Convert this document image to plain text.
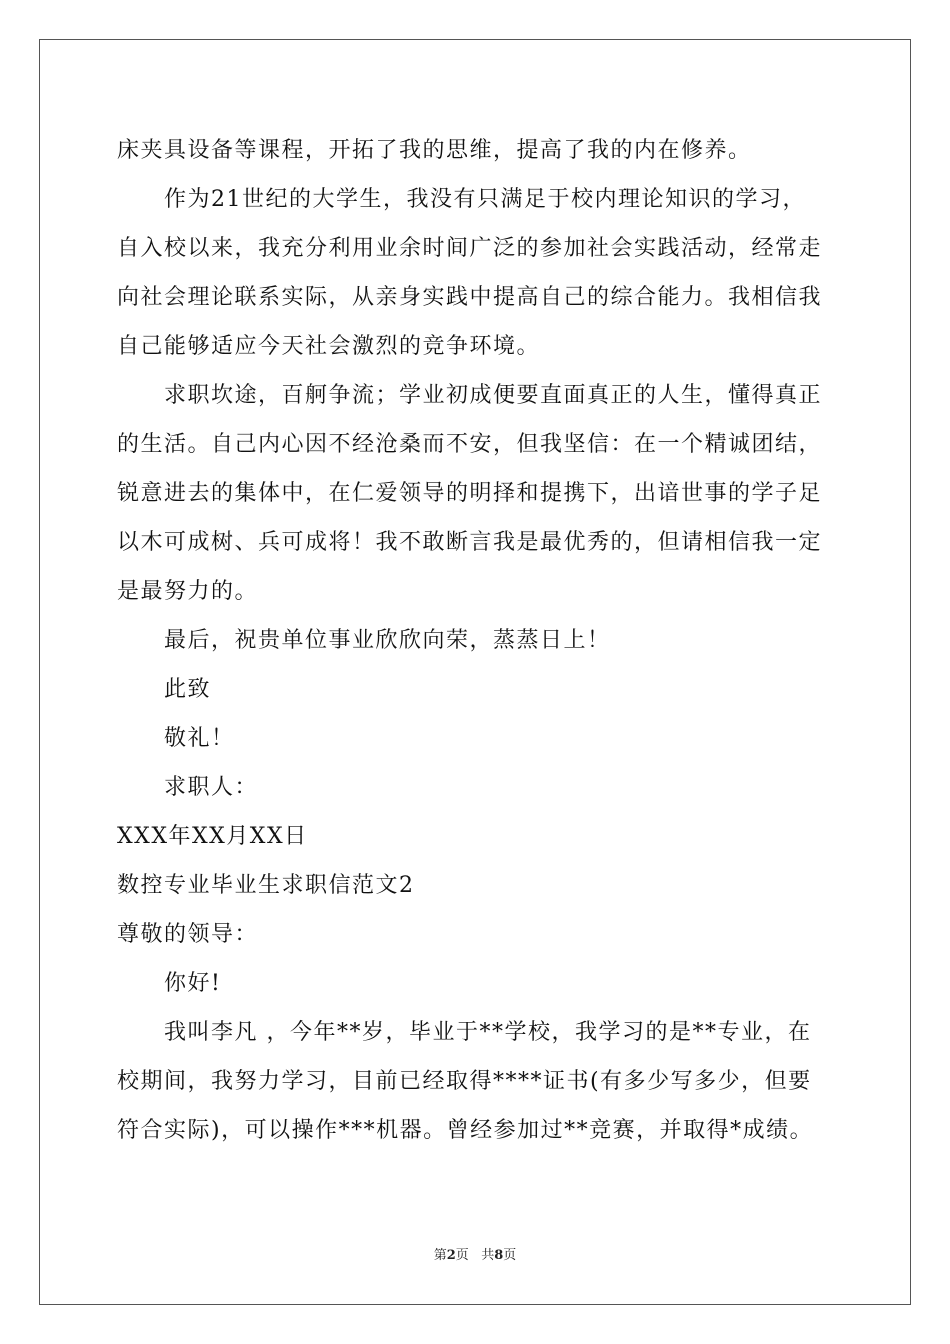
床夹具设备等课程，开拓了我的思维，提高了我的内在修养。
作为21世纪的大学生，我没有只满足于校内理论知识的学习，
自入校以来，我充分利用业余时间广泛的参加社会实践活动，经常走
向社会理论联系实际，从亲身实践中提高自己的综合能力。我相信我
自己能够适应今天社会激烈的竞争环境。
求职坎途，百舸争流；学业初成便要直面真正的人生，懂得真正
的生活。自己内心因不经沧桑而不安，但我坚信：在一个精诚团结，
锐意进去的集体中，在仁爱领导的明择和提携下，出谙世事的学子足
以木可成树、兵可成将！我不敢断言我是最优秀的，但请相信我一定
是最努力的。
最后，祝贵单位事业欣欣向荣，蒸蒸日上！
此致
敬礼！
求职人：
XXX年XX月XX日
数控专业毕业生求职信范文2
尊敬的领导：
你好!
我叫李凡 ，今年**岁，毕业于**学校，我学习的是**专业，在
校期间，我努力学习，目前已经取得****证书(有多少写多少，但要
符合实际)，可以操作***机器。曾经参加过**竞赛，并取得*成绩。
第2页 共8页
